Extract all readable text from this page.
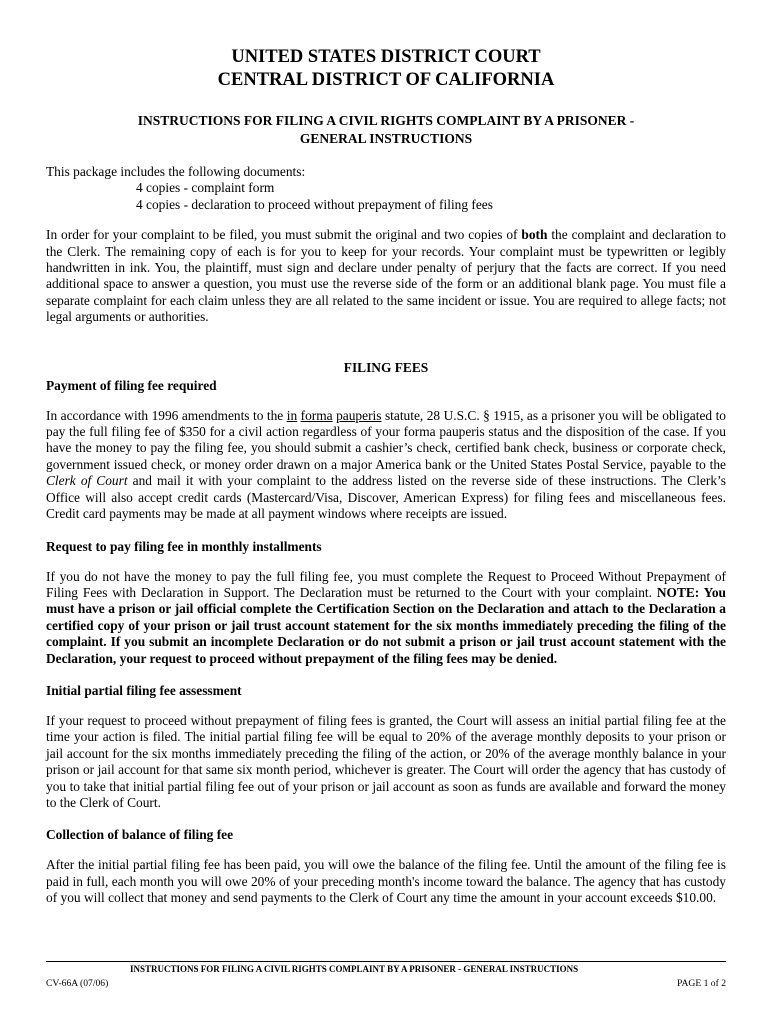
UNITED STATES DISTRICT COURT
CENTRAL DISTRICT OF CALIFORNIA
INSTRUCTIONS FOR FILING A CIVIL RIGHTS COMPLAINT BY A PRISONER -
GENERAL INSTRUCTIONS

This package includes the following documents:

4 copies - complaint form
4 copies - declaration to proceed without prepayment of filing fees

In order for your complaint to be filed, you must submit the original and two copies of both the complaint and declaration to the Clerk. The remaining copy of each is for you to keep for your records. Your complaint must be typewritten or legibly handwritten in ink. You, the plaintiff, must sign and declare under penalty of perjury that the facts are correct. If you need additional space to answer a question, you must use the reverse side of the form or an additional blank page. You must file a separate complaint for each claim unless they are all related to the same incident or issue. You are required to allege facts; not legal arguments or authorities.

FILING FEES
Payment of filing fee required

In accordance with 1996 amendments to the in forma pauperis statute, 28 U.S.C. § 1915, as a prisoner you will be obligated to pay the full filing fee of $350 for a civil action regardless of your forma pauperis status and the disposition of the case. If you have the money to pay the filing fee, you should submit a cashier’s check, certified bank check, business or corporate check, government issued check, or money order drawn on a major America bank or the United States Postal Service, payable to the Clerk of Court and mail it with your complaint to the address listed on the reverse side of these instructions. The Clerk’s Office will also accept credit cards (Mastercard/Visa, Discover, American Express) for filing fees and miscellaneous fees. Credit card payments may be made at all payment windows where receipts are issued.

Request to pay filing fee in monthly installments

If you do not have the money to pay the full filing fee, you must complete the Request to Proceed Without Prepayment of Filing Fees with Declaration in Support. The Declaration must be returned to the Court with your complaint. NOTE: You must have a prison or jail official complete the Certification Section on the Declaration and attach to the Declaration a certified copy of your prison or jail trust account statement for the six months immediately preceding the filing of the complaint. If you submit an incomplete Declaration or do not submit a prison or jail trust account statement with the Declaration, your request to proceed without prepayment of the filing fees may be denied.

Initial partial filing fee assessment

If your request to proceed without prepayment of filing fees is granted, the Court will assess an initial partial filing fee at the time your action is filed. The initial partial filing fee will be equal to 20% of the average monthly deposits to your prison or jail account for the six months immediately preceding the filing of the action, or 20% of the average monthly balance in your prison or jail account for that same six month period, whichever is greater. The Court will order the agency that has custody of you to take that initial partial filing fee out of your prison or jail account as soon as funds are available and forward the money to the Clerk of Court.

Collection of balance of filing fee

After the initial partial filing fee has been paid, you will owe the balance of the filing fee. Until the amount of the filing fee is paid in full, each month you will owe 20% of your preceding month's income toward the balance. The agency that has custody of you will collect that money and send payments to the Clerk of Court any time the amount in your account exceeds $10.00.

INSTRUCTIONS FOR FILING A CIVIL RIGHTS COMPLAINT BY A PRISONER - GENERAL INSTRUCTIONS
CV-66A (07/06)	PAGE 1 of 2
